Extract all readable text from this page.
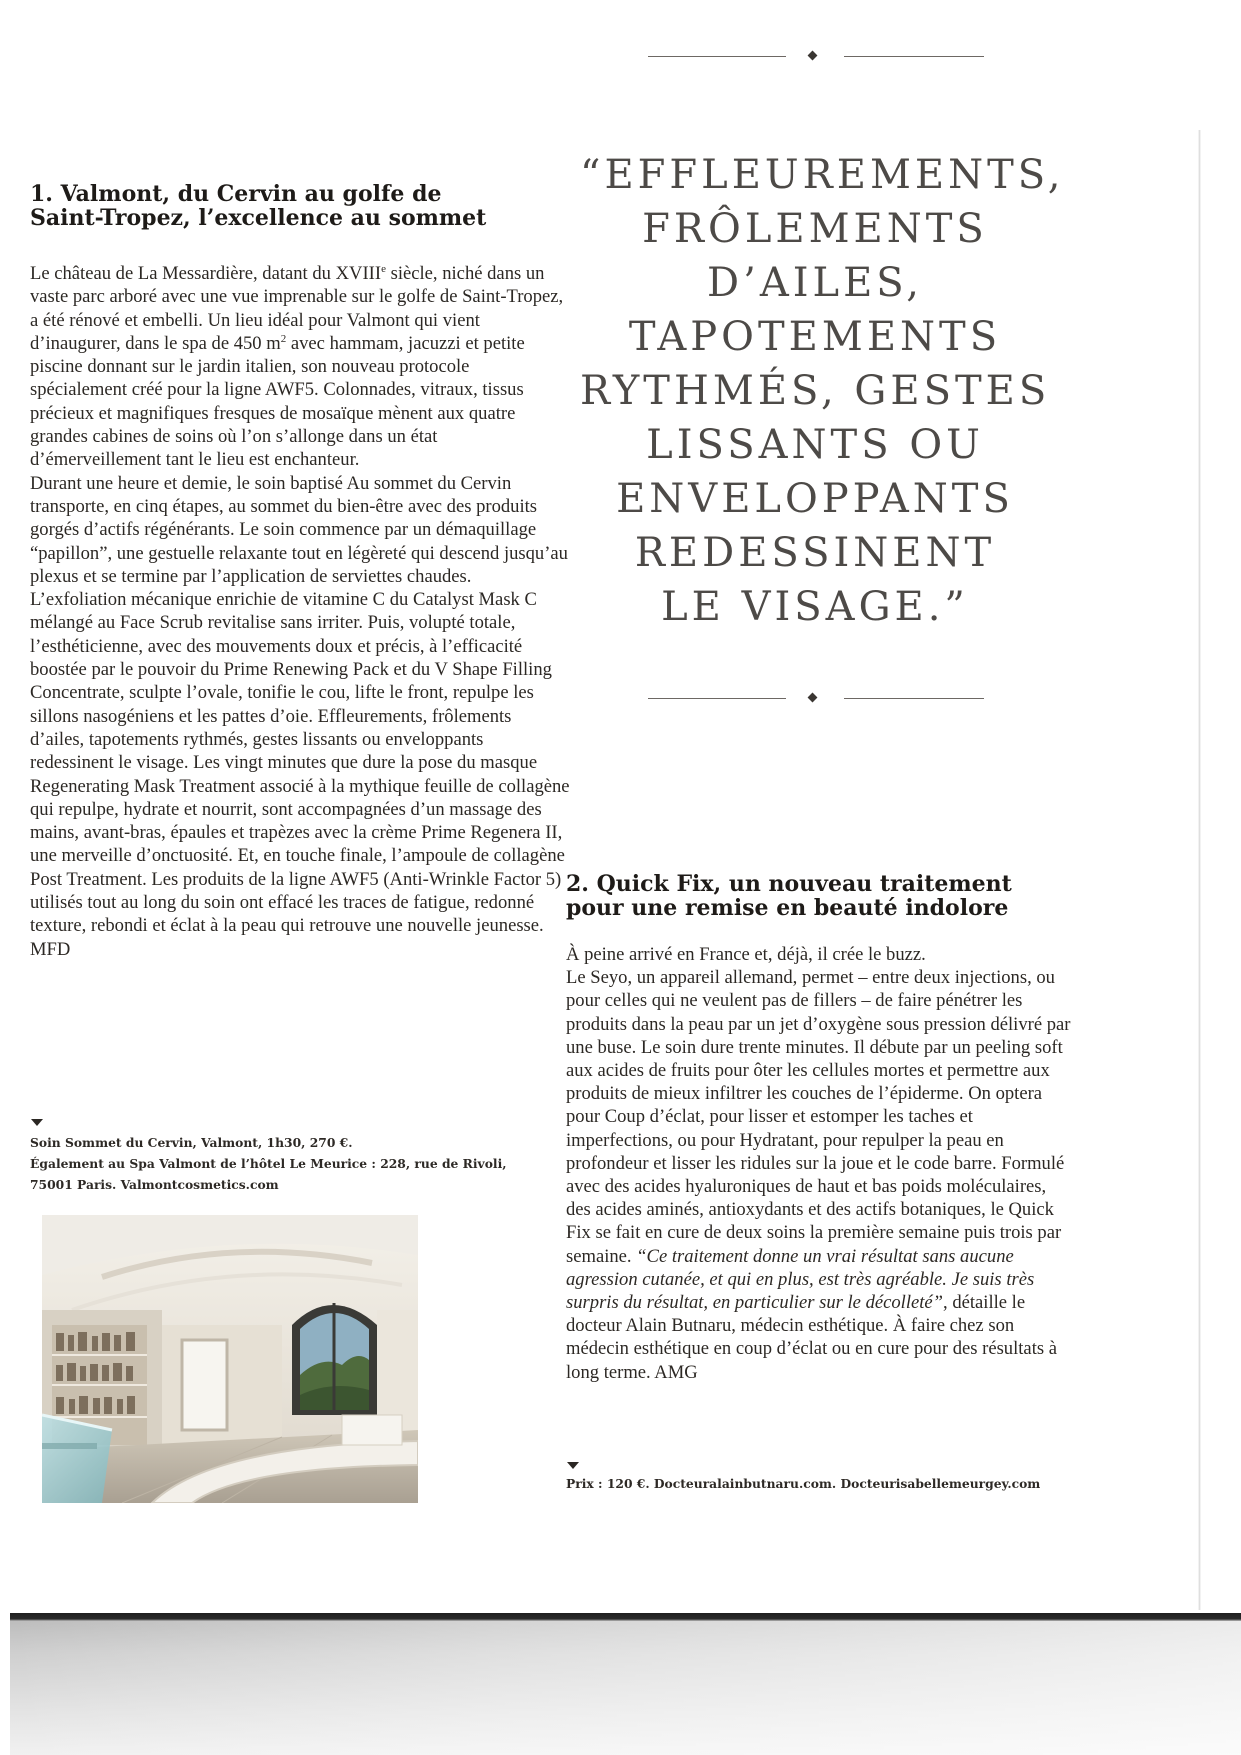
1. Valmont, du Cervin au golfe de
Saint-Tropez, l’excellence au sommet

Le château de La Messardière, datant du XVIIIe siècle, niché dans un vaste parc arboré avec une vue imprenable sur le golfe de Saint-Tropez, a été rénové et embelli. Un lieu idéal pour Valmont qui vient d’inaugurer, dans le spa de 450 $m^2$ avec hammam, jacuzzi et petite piscine donnant sur le jardin italien, son nouveau protocole spécialement créé pour la ligne AWF5. Colonnades, vitraux, tissus précieux et magnifiques fresques de mosaïque mènent aux quatre grandes cabines de soins où l’on s’allonge dans un état d’émerveillement tant le lieu est enchanteur.

Durant une heure et demie, le soin baptisé Au sommet du Cervin transporte, en cinq étapes, au sommet du bien-être avec des produits gorgés d’actifs régénérants. Le soin commence par un démaquillage “papillon”, une gestuelle relaxante tout en légèreté qui descend jusqu’au plexus et se termine par l’application de serviettes chaudes. L’exfoliation mécanique enrichie de vitamine C du Catalyst Mask C mélangé au Face Scrub revitalise sans irriter. Puis, volupté totale, l’esthéticienne, avec des mouvements doux et précis, à l’efficacité boostée par le pouvoir du Prime Renewing Pack et du V Shape Filling Concentrate, sculpte l’ovale, tonifie le cou, lifte le front, repulpe les sillons nasogéniens et les pattes d’oie. Effleurements, frôlements d’ailes, tapotements rythmés, gestes lissants ou enveloppants redessinent le visage. Les vingt minutes que dure la pose du masque Regenerating Mask Treatment associé à la mythique feuille de collagène qui repulpe, hydrate et nourrit, sont accompagnées d’un massage des mains, avant-bras, épaules et trapèzes avec la crème Prime Regenera II, une merveille d’onctuosité. Et, en touche finale, l’ampoule de collagène Post Treatment. Les produits de la ligne AWF5 (Anti-Wrinkle Factor 5) utilisés tout au long du soin ont effacé les traces de fatigue, redonné texture, rebondi et éclat à la peau qui retrouve une nouvelle jeunesse. MFD

Soin Sommet du Cervin, Valmont, 1h30, 270 €.
Également au Spa Valmont de l’hôtel Le Meurice : 228, rue de Rivoli,
75001 Paris. Valmontcosmetics.com
“EFFLEUREMENTS,
FRÔLEMENTS
D’AILES,
TAPOTEMENTS
RYTHMÉS, GESTES
LISSANTS OU
ENVELOPPANTS
REDESSINENT
LE VISAGE.”
2. Quick Fix, un nouveau traitement
pour une remise en beauté indolore

À peine arrivé en France et, déjà, il crée le buzz.

Le Seyo, un appareil allemand, permet – entre deux injections, ou pour celles qui ne veulent pas de fillers – de faire pénétrer les produits dans la peau par un jet d’oxygène sous pression délivré par une buse. Le soin dure trente minutes. Il débute par un peeling soft aux acides de fruits pour ôter les cellules mortes et permettre aux produits de mieux infiltrer les couches de l’épiderme. On optera pour Coup d’éclat, pour lisser et estomper les taches et imperfections, ou pour Hydratant, pour repulper la peau en profondeur et lisser les ridules sur la joue et le code barre. Formulé avec des acides hyaluroniques de haut et bas poids moléculaires, des acides aminés, antioxydants et des actifs botaniques, le Quick Fix se fait en cure de deux soins la première semaine puis trois par semaine. “Ce traitement donne un vrai résultat sans aucune agression cutanée, et qui en plus, est très agréable. Je suis très surpris du résultat, en particulier sur le décolleté”, détaille le docteur Alain Butnaru, médecin esthétique. À faire chez son médecin esthétique en coup d’éclat ou en cure pour des résultats à long terme. AMG

Prix : 120 €. Docteuralainbutnaru.com. Docteurisabellemeurgey.com
